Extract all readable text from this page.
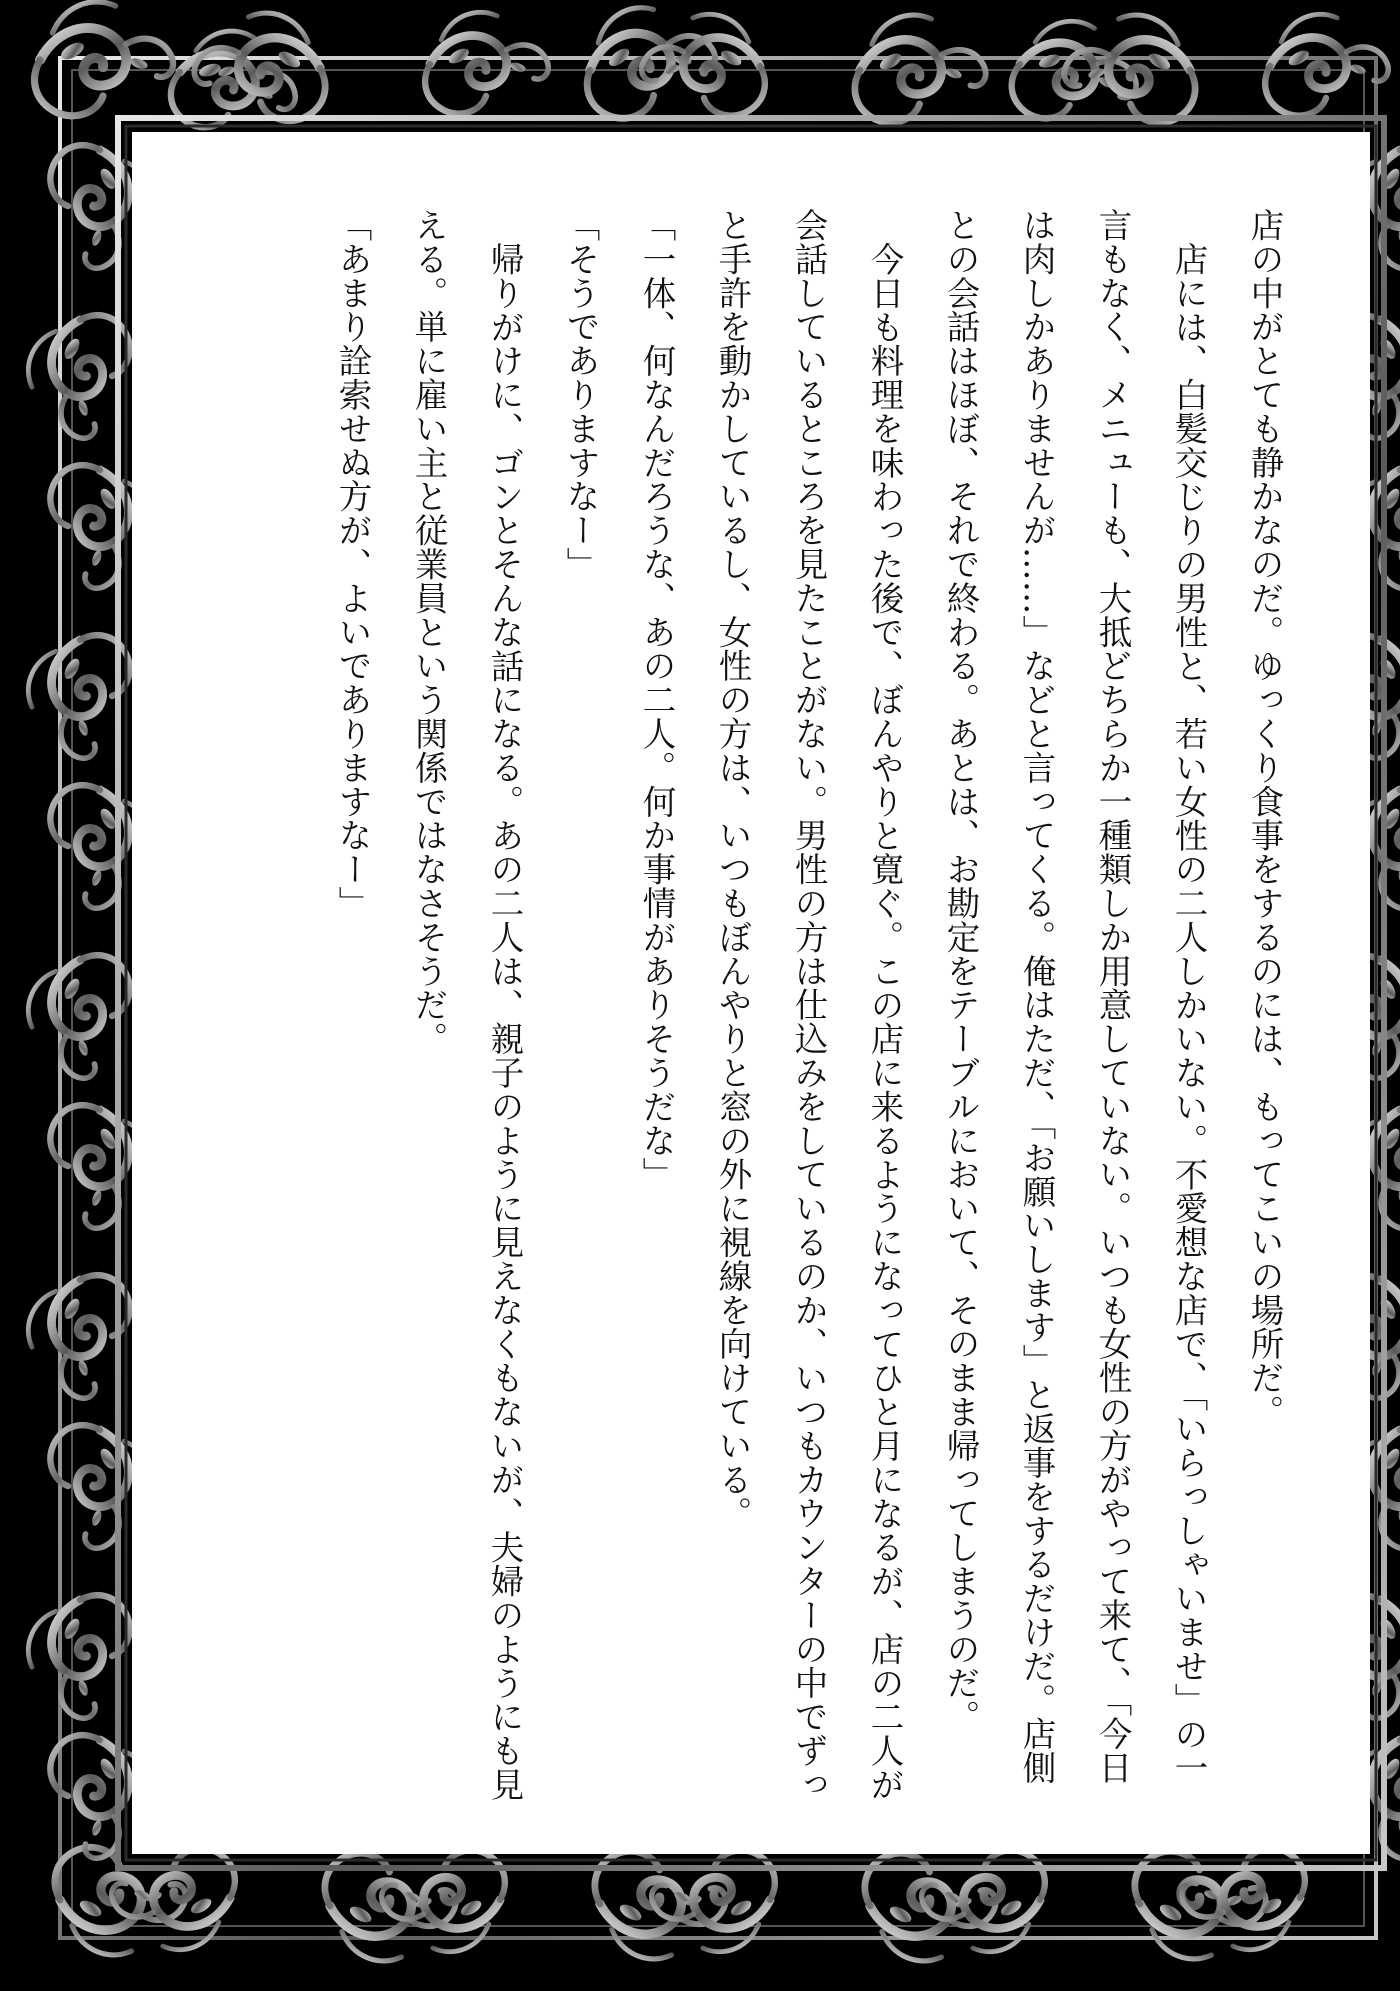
店の中がとても静かなのだ。ゆっくり食事をするのには、もってこいの場所だ。

店には、白髪交じりの男性と、若い女性の二人しかいない。不愛想な店で、「いらっしゃいませ」の一言もなく、メニューも、大抵どちらか一種類しか用意していない。いつも女性の方がやって来て、「今日は肉しかありませんが……」などと言ってくる。俺はただ、「お願いします」と返事をするだけだ。店側との会話はほぼ、それで終わる。あとは、お勘定をテーブルにおいて、そのまま帰ってしまうのだ。

今日も料理を味わった後で、ぼんやりと寛ぐ。この店に来るようになってひと月になるが、店の二人が会話しているところを見たことがない。男性の方は仕込みをしているのか、いつもカウンターの中でずっと手許を動かしているし、女性の方は、いつもぼんやりと窓の外に視線を向けている。

「一体、何なんだろうな、あの二人。何か事情がありそうだな」

「そうでありますなー」

帰りがけに、ゴンとそんな話になる。あの二人は、親子のように見えなくもないが、夫婦のようにも見える。単に雇い主と従業員という関係ではなさそうだ。

「あまり詮索せぬ方が、よいでありますなー」
